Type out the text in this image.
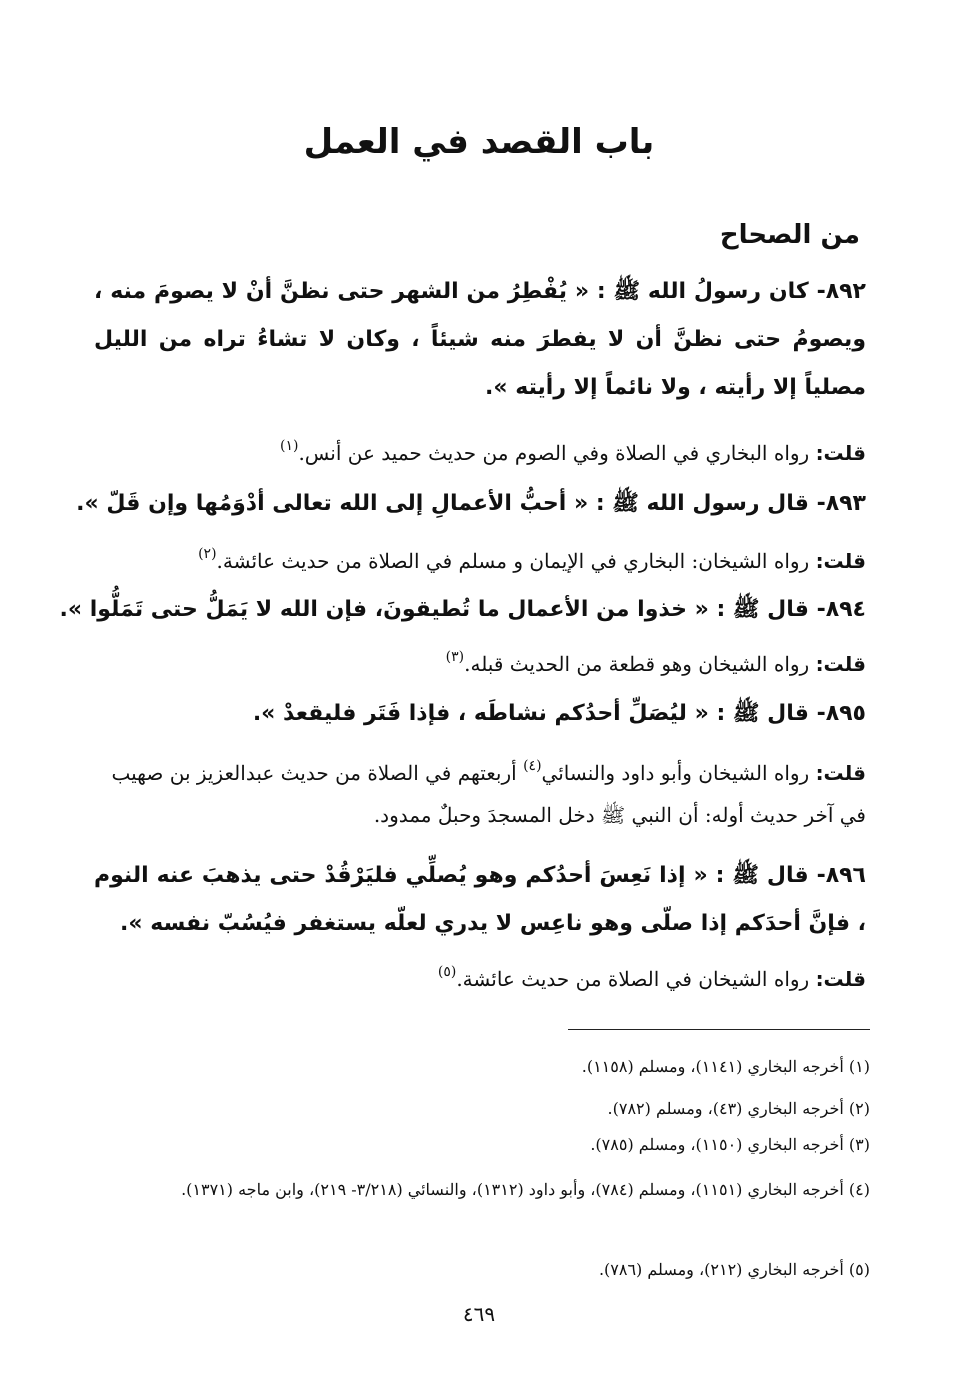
باب القصد في العمل
من الصحاح
٨٩٢- كان رسولُ الله ﷺ : « يُفْطِرُ من الشهر حتى نظنَّ أنْ لا يصومَ منه ، ويصومُ حتى نظنَّ أن لا يفطرَ منه شيئاً ، وكان لا تشاءُ تراه من الليل مصلياً إلا رأيته ، ولا نائماً إلا رأيته ».
قلت: رواه البخاري في الصلاة وفي الصوم من حديث حميد عن أنس.$^{(١)}$
٨٩٣- قال رسول الله ﷺ : « أحبُّ الأعمالِ إلى الله تعالى أدْوَمُها وإن قَلّ ».
قلت: رواه الشيخان: البخاري في الإيمان و مسلم في الصلاة من حديث عائشة.$^{(٢)}$
٨٩٤- قال ﷺ : « خذوا من الأعمال ما تُطيقونَ، فإن الله لا يَمَلُّ حتى تَمَلُّوا ».
قلت: رواه الشيخان وهو قطعة من الحديث قبله.$^{(٣)}$
٨٩٥- قال ﷺ : « ليُصَلِّ أحدُكم نشاطَه ، فإذا فَتَر فليقعدْ ».
قلت: رواه الشيخان وأبو داود والنسائي$^{(٤)}$ أربعتهم في الصلاة من حديث عبدالعزيز بن صهيب في آخر حديث أوله: أن النبي ﷺ دخل المسجدَ وحبلٌ ممدود.
٨٩٦- قال ﷺ : « إذا نَعِسَ أحدُكم وهو يُصلِّي فليَرْقُدْ حتى يذهبَ عنه النوم ، فإنَّ أحدَكم إذا صلّى وهو ناعِس لا يدري لعلّه يستغفر فيُسُبّ نفسه ».
قلت: رواه الشيخان في الصلاة من حديث عائشة.$^{(٥)}$
(١) أخرجه البخاري (١١٤١)، ومسلم (١١٥٨).
(٢) أخرجه البخاري (٤٣)، ومسلم (٧٨٢).
(٣) أخرجه البخاري (١١٥٠)، ومسلم (٧٨٥).
(٤) أخرجه البخاري (١١٥١)، ومسلم (٧٨٤)، وأبو داود (١٣١٢)، والنسائي (٣/٢١٨- ٢١٩)، وابن ماجه (١٣٧١).
(٥) أخرجه البخاري (٢١٢)، ومسلم (٧٨٦).
٤٦٩
